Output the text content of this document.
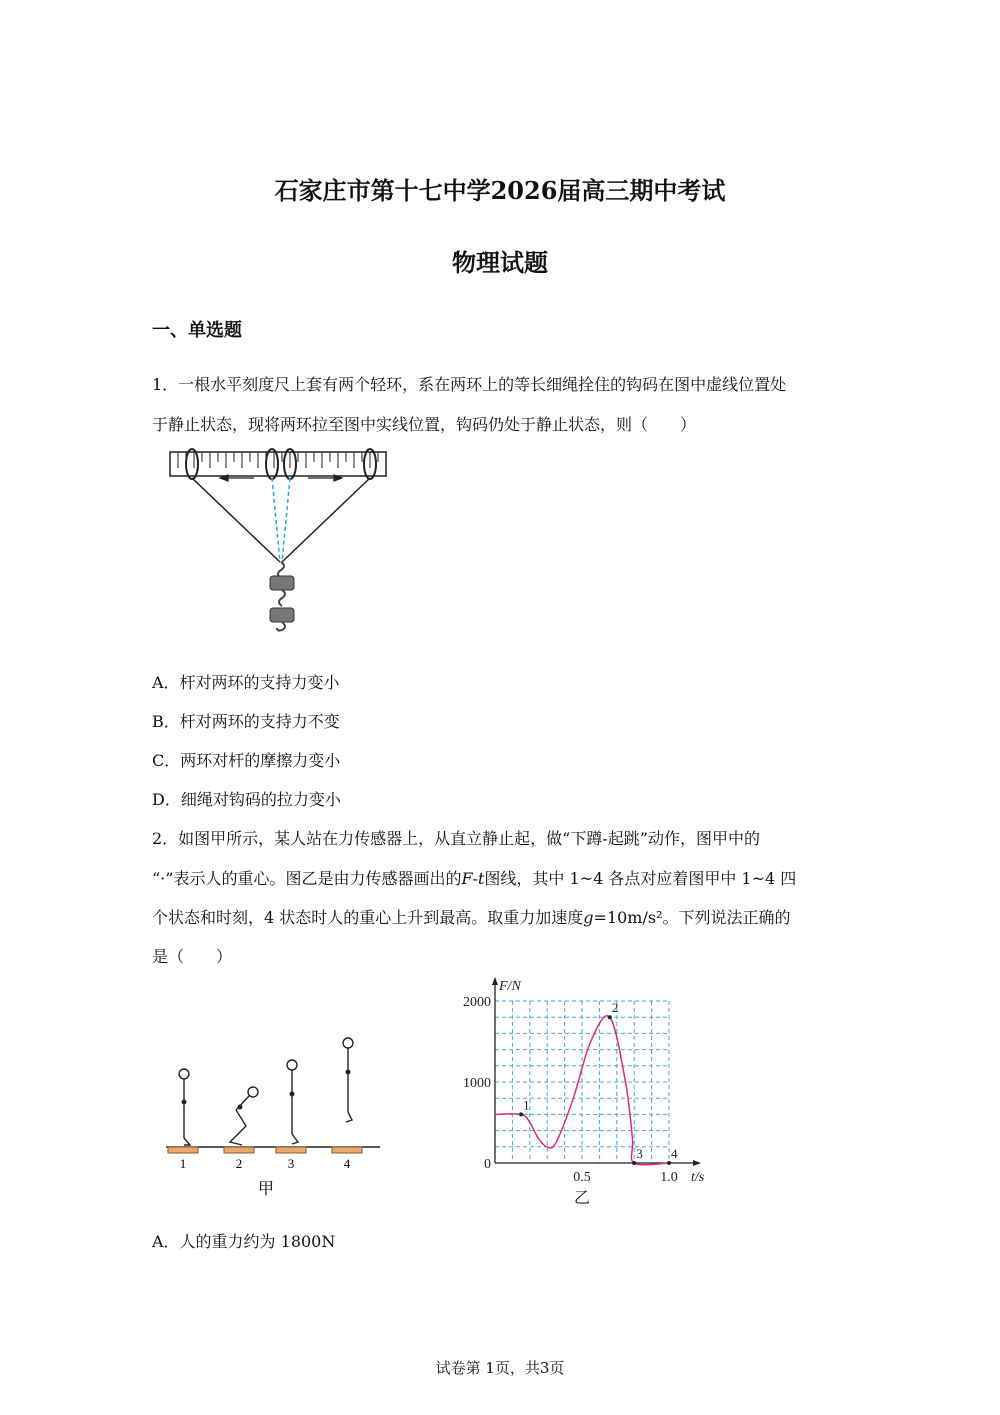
石家庄市第十七中学2026届高三期中考试
物理试题
一、单选题
1．一根水平刻度尺上套有两个轻环，系在两环上的等长细绳拴住的钩码在图中虚线位置处
于静止状态，现将两环拉至图中实线位置，钩码仍处于静止状态，则（　　）
A．杆对两环的支持力变小
B．杆对两环的支持力不变
C．两环对杆的摩擦力变小
D．细绳对钩码的拉力变小
2．如图甲所示，某人站在力传感器上，从直立静止起，做“下蹲-起跳”动作，图甲中的
“·”表示人的重心。图乙是由力传感器画出的F-t图线，其中 1~4 各点对应着图甲中 1~4 四
个状态和时刻，4 状态时人的重心上升到最高。取重力加速度g=10m/s²。下列说法正确的
是（　　）
1	2	3	4
甲
0
1000
2000
0.5	1.0
F/N
t/s
1
2
3 4
乙
A．人的重力约为 1800N
试卷第 1页，共3页
